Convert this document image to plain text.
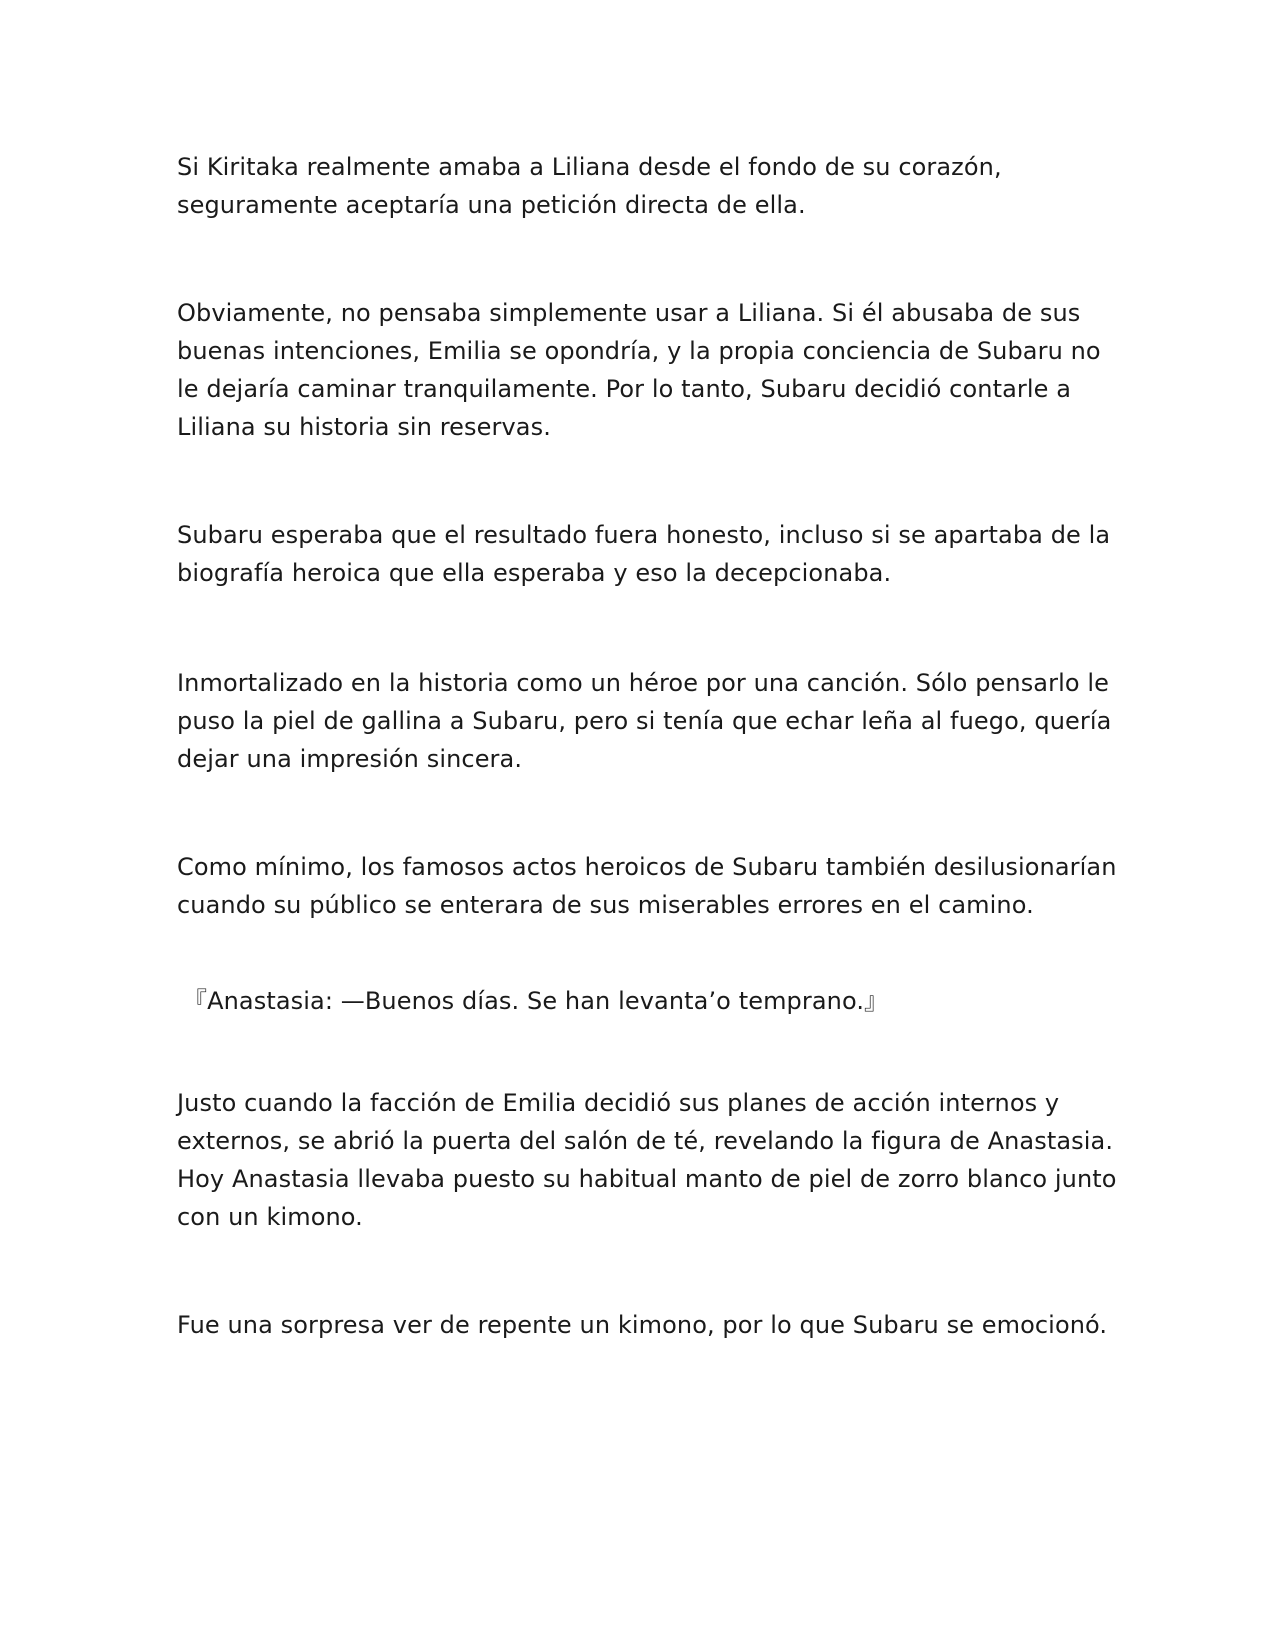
Si Kiritaka realmente amaba a Liliana desde el fondo de su corazón,
seguramente aceptaría una petición directa de ella.

Obviamente, no pensaba simplemente usar a Liliana. Si él abusaba de sus
buenas intenciones, Emilia se opondría, y la propia conciencia de Subaru no
le dejaría caminar tranquilamente. Por lo tanto, Subaru decidió contarle a
Liliana su historia sin reservas.

Subaru esperaba que el resultado fuera honesto, incluso si se apartaba de la
biografía heroica que ella esperaba y eso la decepcionaba.

Inmortalizado en la historia como un héroe por una canción. Sólo pensarlo le
puso la piel de gallina a Subaru, pero si tenía que echar leña al fuego, quería
dejar una impresión sincera.

Como mínimo, los famosos actos heroicos de Subaru también desilusionarían
cuando su público se enterara de sus miserables errores en el camino.

『Anastasia: —Buenos días. Se han levanta’o temprano.』

Justo cuando la facción de Emilia decidió sus planes de acción internos y
externos, se abrió la puerta del salón de té, revelando la figura de Anastasia.
Hoy Anastasia llevaba puesto su habitual manto de piel de zorro blanco junto
con un kimono.

Fue una sorpresa ver de repente un kimono, por lo que Subaru se emocionó.
